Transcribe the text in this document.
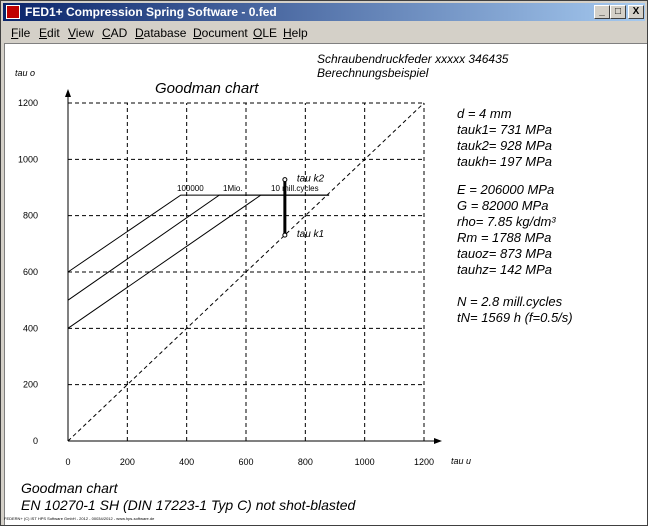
FED1+ Compression Spring Software - 0.fed	_	□	X
File Edit View CAD Database Document OLE Help
Schraubendruckfeder xxxxx 346435
Berechnungsbeispiel
0	200	400	600	800	1000	1200
0
200
400
600
800
1000
1200
tau o
tau u
100000 1Mio.	10 mill.cycles
tau k2
tau k1
Goodman chart
d = 4 mm
tauk1= 731 MPa
tauk2= 928 MPa
taukh= 197 MPa
E = 206000 MPa
G = 82000 MPa
rho= 7.85 kg/dm³
Rm = 1788 MPa
tauoz= 873 MPa
tauhz= 142 MPa
N = 2.8 mill.cycles
tN= 1569 h (f=0.5/s)
Goodman chart
EN 10270-1 SH (DIN 17223-1 Typ C) not shot-blasted
FEDERN+ (C) IST HPS Software GmbH - 2012 - 00034/2012 - www.hps-software.de
